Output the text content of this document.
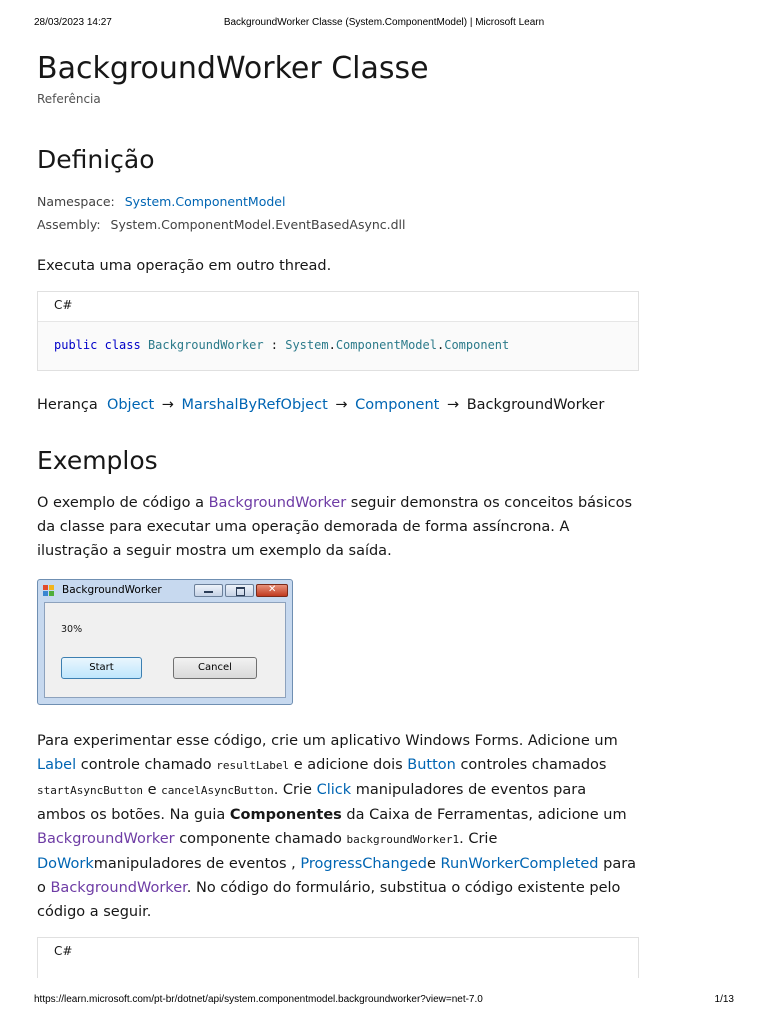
28/03/2023 14:27	BackgroundWorker Classe (System.ComponentModel) | Microsoft Learn
BackgroundWorker Classe
Referência
Definição
Namespace: System.ComponentModel
Assembly: System.ComponentModel.EventBasedAsync.dll

Executa uma operação em outro thread.

C#
public class BackgroundWorker : System.ComponentModel.Component

Herança Object → MarshalByRefObject → Component → BackgroundWorker

Exemplos

O exemplo de código a BackgroundWorker seguir demonstra os conceitos básicos da classe para executar uma operação demorada de forma assíncrona. A ilustração a seguir mostra um exemplo da saída.

BackgroundWorker	✕
30%
Start	Cancel

Para experimentar esse código, crie um aplicativo Windows Forms. Adicione um Label controle chamado resultLabel e adicione dois Button controles chamados startAsyncButton e cancelAsyncButton. Crie Click manipuladores de eventos para ambos os botões. Na guia Componentes da Caixa de Ferramentas, adicione um BackgroundWorker componente chamado backgroundWorker1. Crie DoWorkmanipuladores de eventos , ProgressChangede RunWorkerCompleted para o BackgroundWorker. No código do formulário, substitua o código existente pelo código a seguir.

C#
https://learn.microsoft.com/pt-br/dotnet/api/system.componentmodel.backgroundworker?view=net-7.0	1/13
